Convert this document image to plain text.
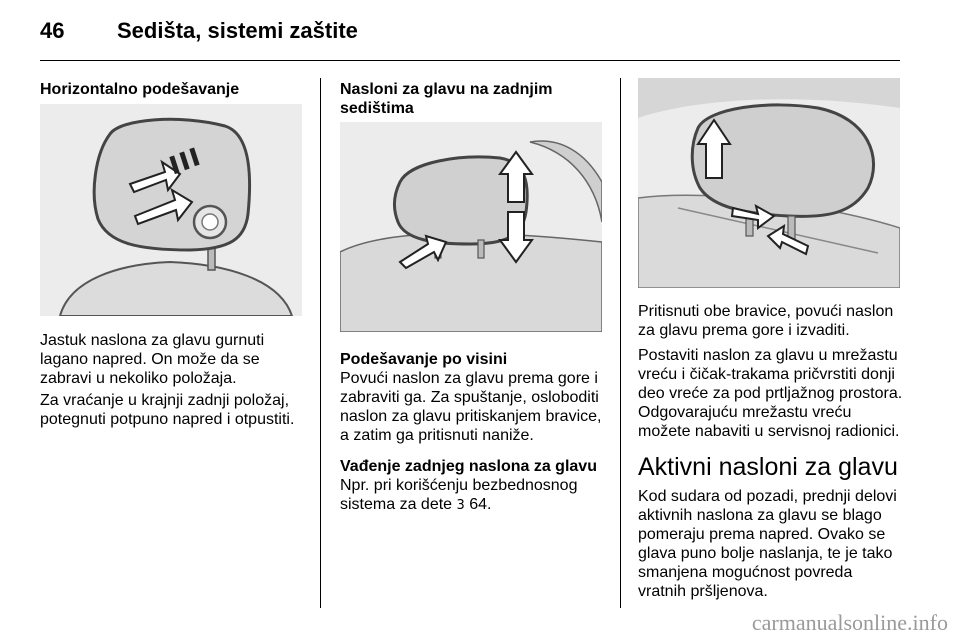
46 Sedišta, sistemi zaštite
Horizontalno podešavanje
Jastuk naslona za glavu gurnuti
lagano napred. On može da se
zabravi u nekoliko položaja.
Za vraćanje u krajnji zadnji položaj,
potegnuti potpuno napred i otpustiti.
Nasloni za glavu na zadnjim
sedištima
Podešavanje po visini
Povući naslon za glavu prema gore i
zabraviti ga. Za spuštanje, osloboditi
naslon za glavu pritiskanjem bravice,
a zatim ga pritisnuti naniže.
Vađenje zadnjeg naslona za glavu
Npr. pri korišćenju bezbednosnog
sistema za dete 3 64.
Pritisnuti obe bravice, povući naslon
za glavu prema gore i izvaditi.
Postaviti naslon za glavu u mrežastu
vreću i čičak-trakama pričvrstiti donji
deo vreće za pod prtljažnog prostora.
Odgovarajuću mrežastu vreću
možete nabaviti u servisnoj radionici.
Aktivni nasloni za glavu
Kod sudara od pozadi, prednji delovi
aktivnih naslona za glavu se blago
pomeraju prema napred. Ovako se
glava puno bolje naslanja, te je tako
smanjena mogućnost povreda
vratnih pršljenova.
carmanualsonline.info
